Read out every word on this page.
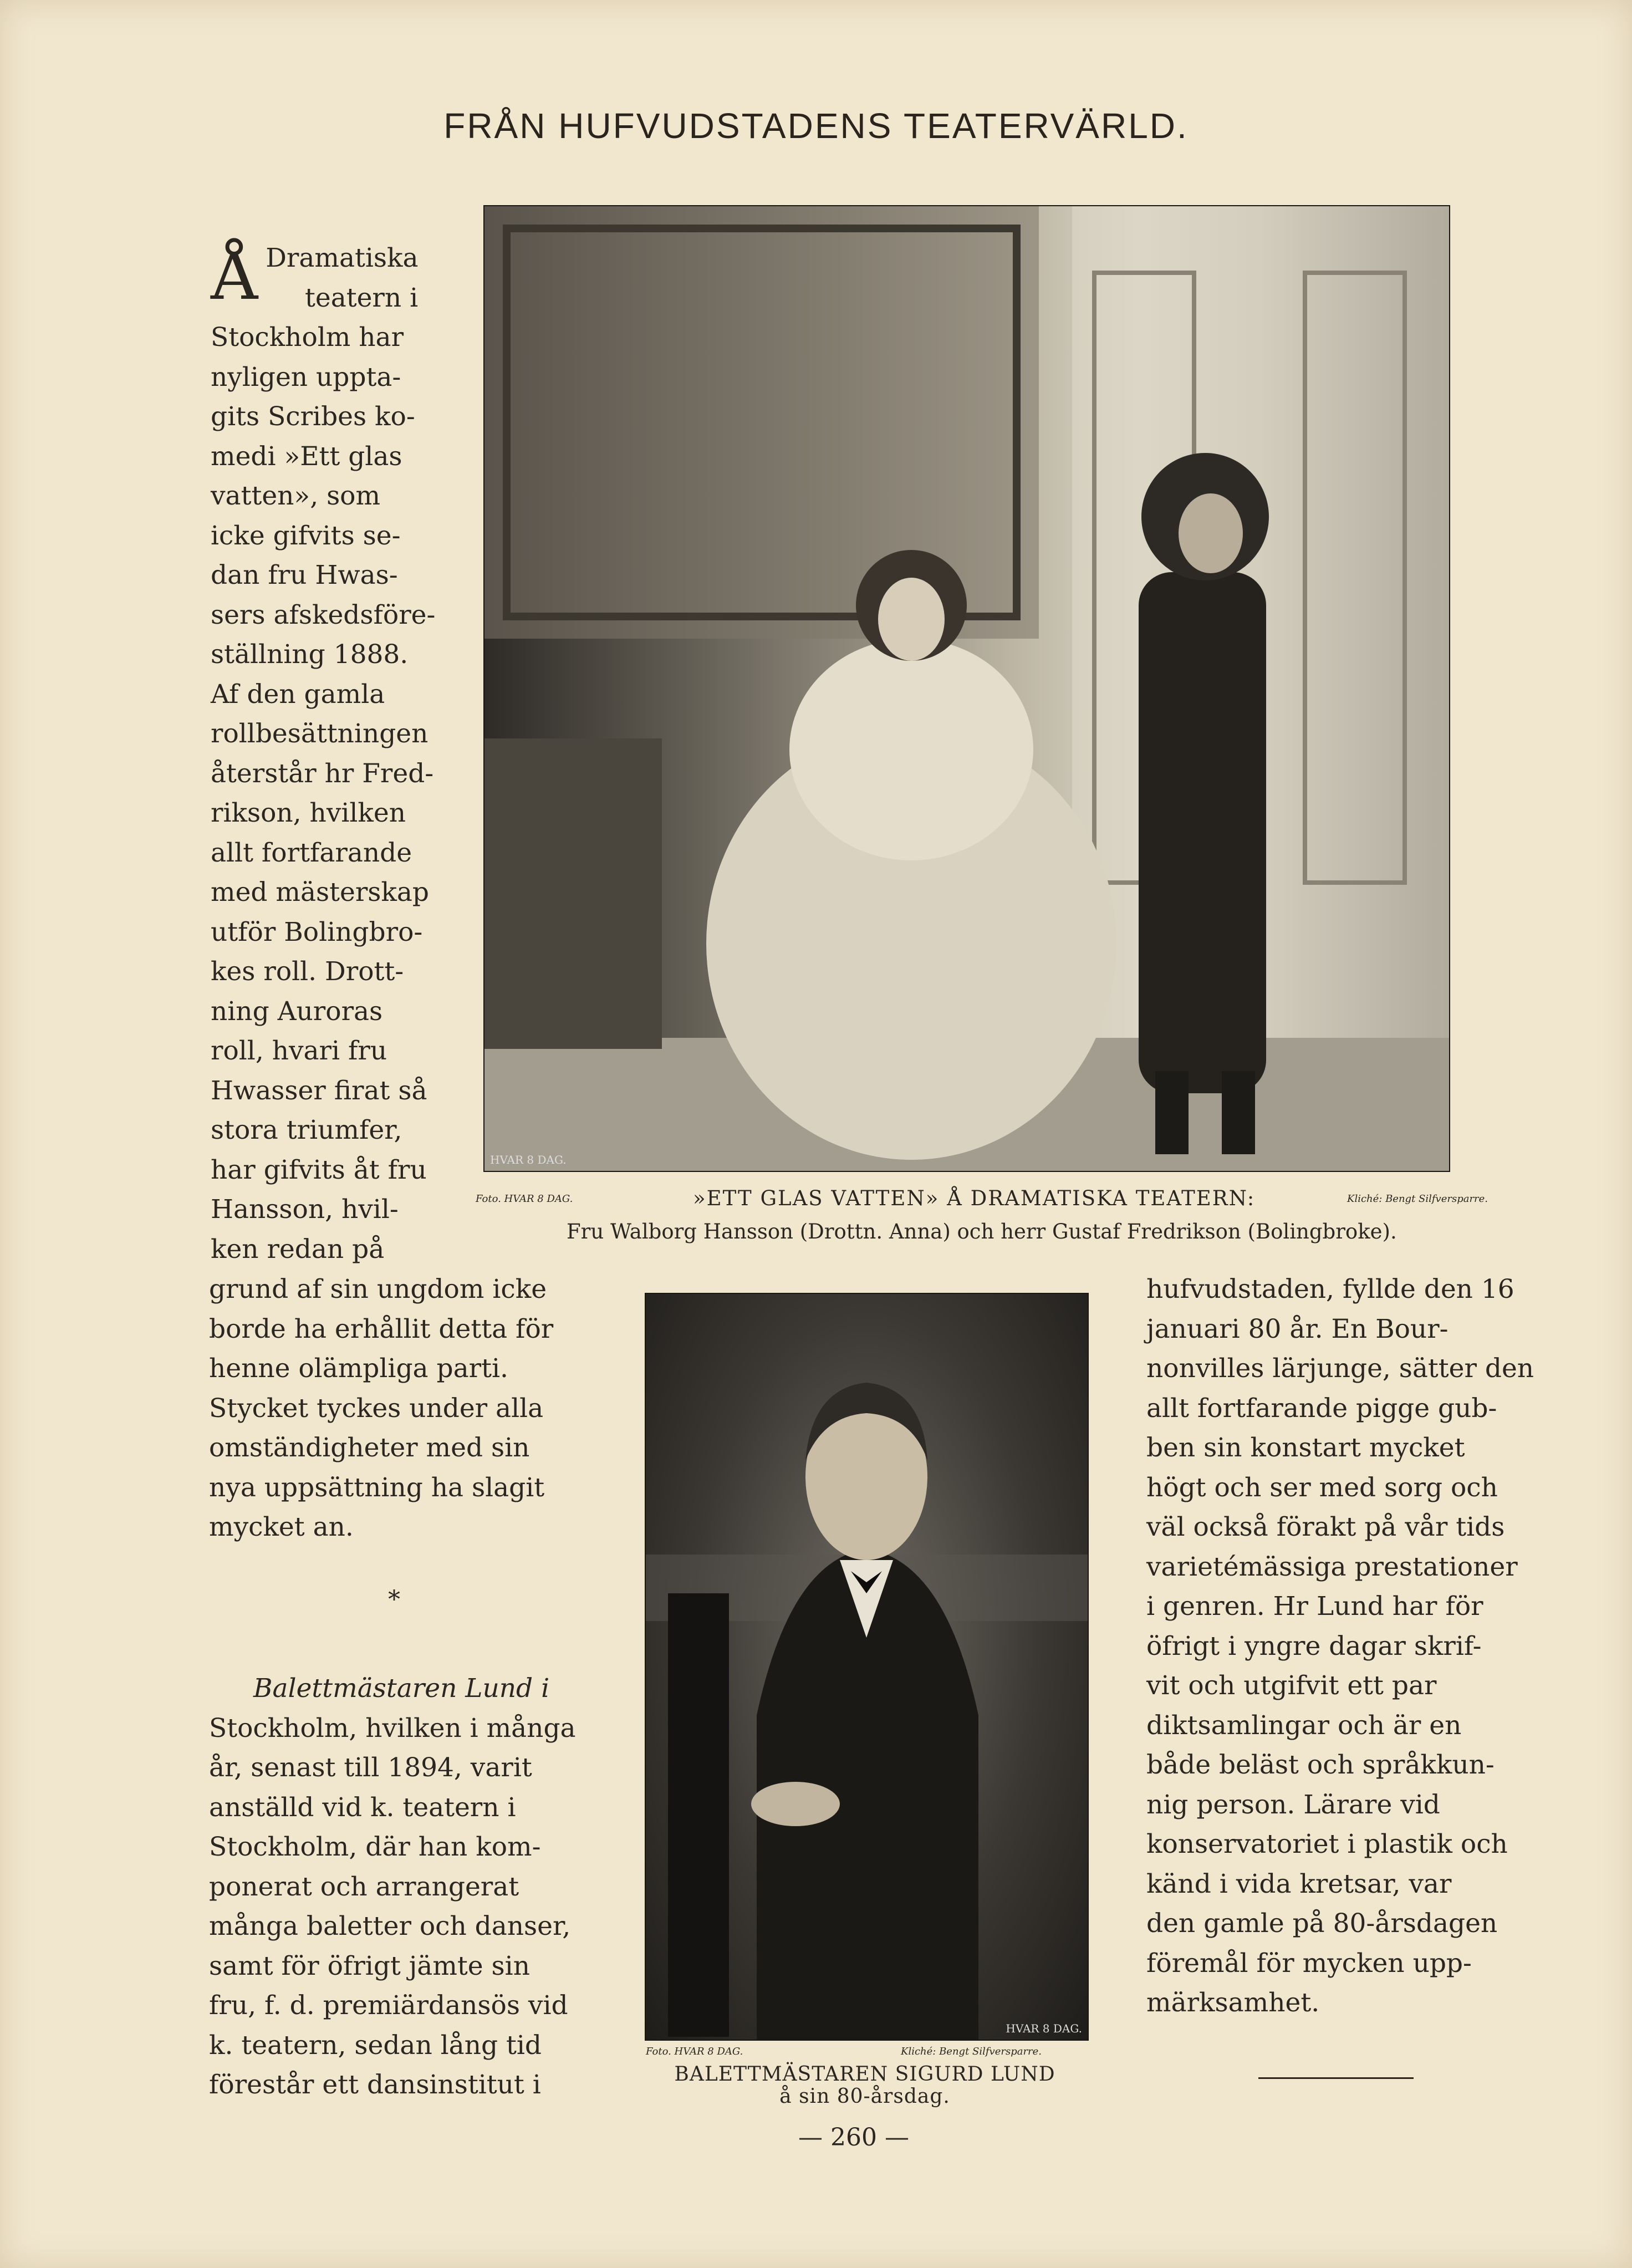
FRÅN HUFVUDSTADENS TEATERVÄRLD.
Å Dramatiska
teatern i
Stockholm har
nyligen uppta-
gits Scribes ko-
medi »Ett glas
vatten», som
icke gifvits se-
dan fru Hwas-
sers afskedsföre-
ställning 1888.
Af den gamla
rollbesättningen
återstår hr Fred-
rikson, hvilken
allt fortfarande
med mästerskap
utför Bolingbro-
kes roll. Drott-
ning Auroras
roll, hvari fru
Hwasser firat så
stora triumfer,
har gifvits åt fru
Hansson, hvil-
ken redan på
grund af sin ungdom icke
borde ha erhållit detta för
henne olämpliga parti.
Stycket tyckes under alla
omständigheter med sin
nya uppsättning ha slagit
mycket an.
*
Balettmästaren Lund i
Stockholm, hvilken i många
år, senast till 1894, varit
anställd vid k. teatern i
Stockholm, där han kom-
ponerat och arrangerat
många baletter och danser,
samt för öfrigt jämte sin
fru, f. d. premiärdansös vid
k. teatern, sedan lång tid
förestår ett dansinstitut i
hufvudstaden, fyllde den 16
januari 80 år. En Bour-
nonvilles lärjunge, sätter den
allt fortfarande pigge gub-
ben sin konstart mycket
högt och ser med sorg och
väl också förakt på vår tids
varietémässiga prestationer
i genren. Hr Lund har för
öfrigt i yngre dagar skrif-
vit och utgifvit ett par
diktsamlingar och är en
både beläst och språkkun-
nig person. Lärare vid
konservatoriet i plastik och
känd i vida kretsar, var
den gamle på 80-årsdagen
föremål för mycken upp-
märksamhet.
HVAR 8 DAG.
Foto. HVAR 8 DAG.	Kliché: Bengt Silfversparre.
»ETT GLAS VATTEN» Å DRAMATISKA TEATERN:
Fru Walborg Hansson (Drottn. Anna) och herr Gustaf Fredrikson (Bolingbroke).
HVAR 8 DAG.
Foto. HVAR 8 DAG.	Kliché: Bengt Silfversparre.
BALETTMÄSTAREN SIGURD LUND
å sin 80-årsdag.
— 260 —
